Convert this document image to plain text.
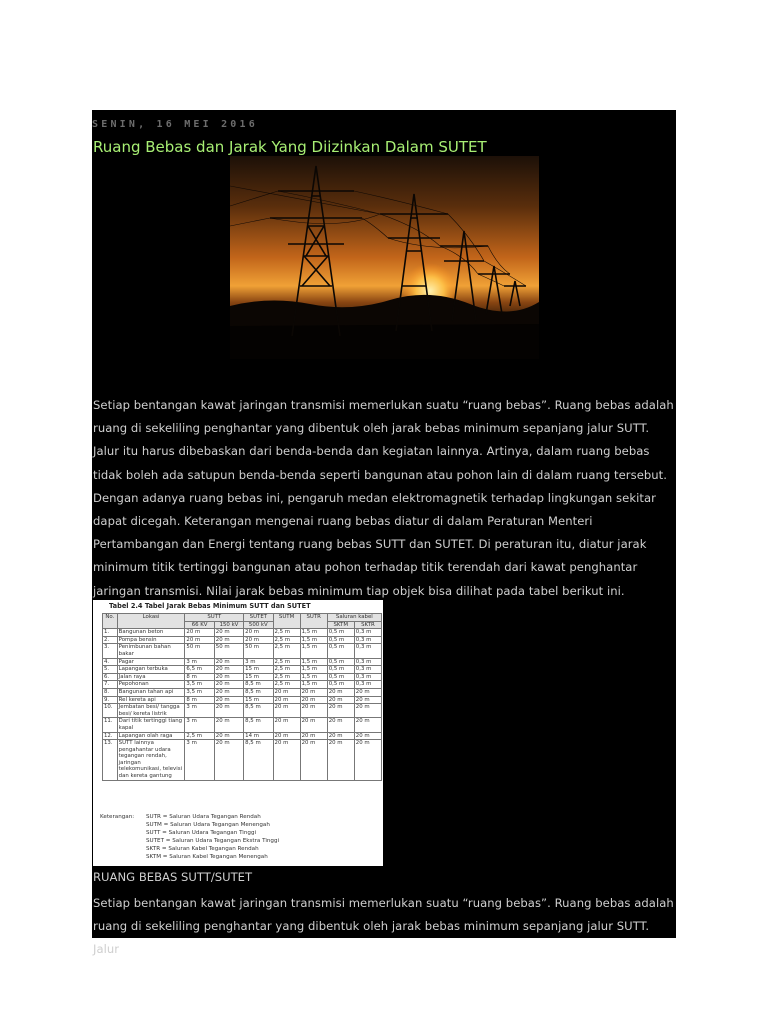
SENIN, 16 MEI 2016
Ruang Bebas dan Jarak Yang Diizinkan Dalam SUTET
Setiap bentangan kawat jaringan transmisi memerlukan suatu “ruang bebas”. Ruang bebas adalah ruang di sekeliling penghantar yang dibentuk oleh jarak bebas minimum sepanjang jalur SUTT. Jalur itu harus dibebaskan dari benda-benda dan kegiatan lainnya. Artinya, dalam ruang bebas tidak boleh ada satupun benda-benda seperti bangunan atau pohon lain di dalam ruang tersebut. Dengan adanya ruang bebas ini, pengaruh medan elektromagnetik terhadap lingkungan sekitar dapat dicegah. Keterangan mengenai ruang bebas diatur di dalam Peraturan Menteri Pertambangan dan Energi tentang ruang bebas SUTT dan SUTET. Di peraturan itu, diatur jarak minimum titik tertinggi bangunan atau pohon terhadap titik terendah dari kawat penghantar jaringan transmisi. Nilai jarak bebas minimum tiap objek bisa dilihat pada tabel berikut ini.
Tabel 2.4 Tabel Jarak Bebas Minimum SUTT dan SUTET
No.	Lokasi	SUTT		SUTET	SUTM	SUTR	Saluran kabel	
		66 KV	150 kV	500 kV			SKTM	SKTR
1.	Bangunan beton	20 m	20 m	20 m	2,5 m	1,5 m	0,5 m	0,3 m
2.	Pompa bensin	20 m	20 m	20 m	2,5 m	1,5 m	0,5 m	0,3 m
3.	Penimbunan bahan bakar	50 m	50 m	50 m	2,5 m	1,5 m	0,5 m	0,3 m
4.	Pagar	3 m	20 m	3 m	2,5 m	1,5 m	0,5 m	0,3 m
5.	Lapangan terbuka	6,5 m	20 m	15 m	2,5 m	1,5 m	0,5 m	0,3 m
6.	Jalan raya	8 m	20 m	15 m	2,5 m	1,5 m	0,5 m	0,3 m
7.	Pepohonan	3,5 m	20 m	8,5 m	2,5 m	1,5 m	0,5 m	0,3 m
8.	Bangunan tahan api	3,5 m	20 m	8,5 m	20 m	20 m	20 m	20 m
9.	Rel kereta api	8 m	20 m	15 m	20 m	20 m	20 m	20 m
10.	Jembatan besi/ tangga besi/ kereta listrik	3 m	20 m	8,5 m	20 m	20 m	20 m	20 m
11.	Dari titik tertinggi tiang kapal	3 m	20 m	8,5 m	20 m	20 m	20 m	20 m
12.	Lapangan olah raga	2,5 m	20 m	14 m	20 m	20 m	20 m	20 m
13.	SUTT lainnya pengahantar udara tegangan rendah, jaringan telekomunikasi, televisi dan kereta gantung	3 m	20 m	8,5 m	20 m	20 m	20 m	20 m
Keterangan: SUTR = Saluran Udara Tegangan Rendah
SUTM = Saluran Udara Tegangan Menengah
SUTT = Saluran Udara Tegangan Tinggi
SUTET = Saluran Udara Tegangan Ekstra Tinggi
SKTR = Saluran Kabel Tegangan Rendah
SKTM = Saluran Kabel Tegangan Menengah
RUANG BEBAS SUTT/SUTET
Setiap bentangan kawat jaringan transmisi memerlukan suatu “ruang bebas”. Ruang bebas adalah ruang di sekeliling penghantar yang dibentuk oleh jarak bebas minimum sepanjang jalur SUTT. Jalur
